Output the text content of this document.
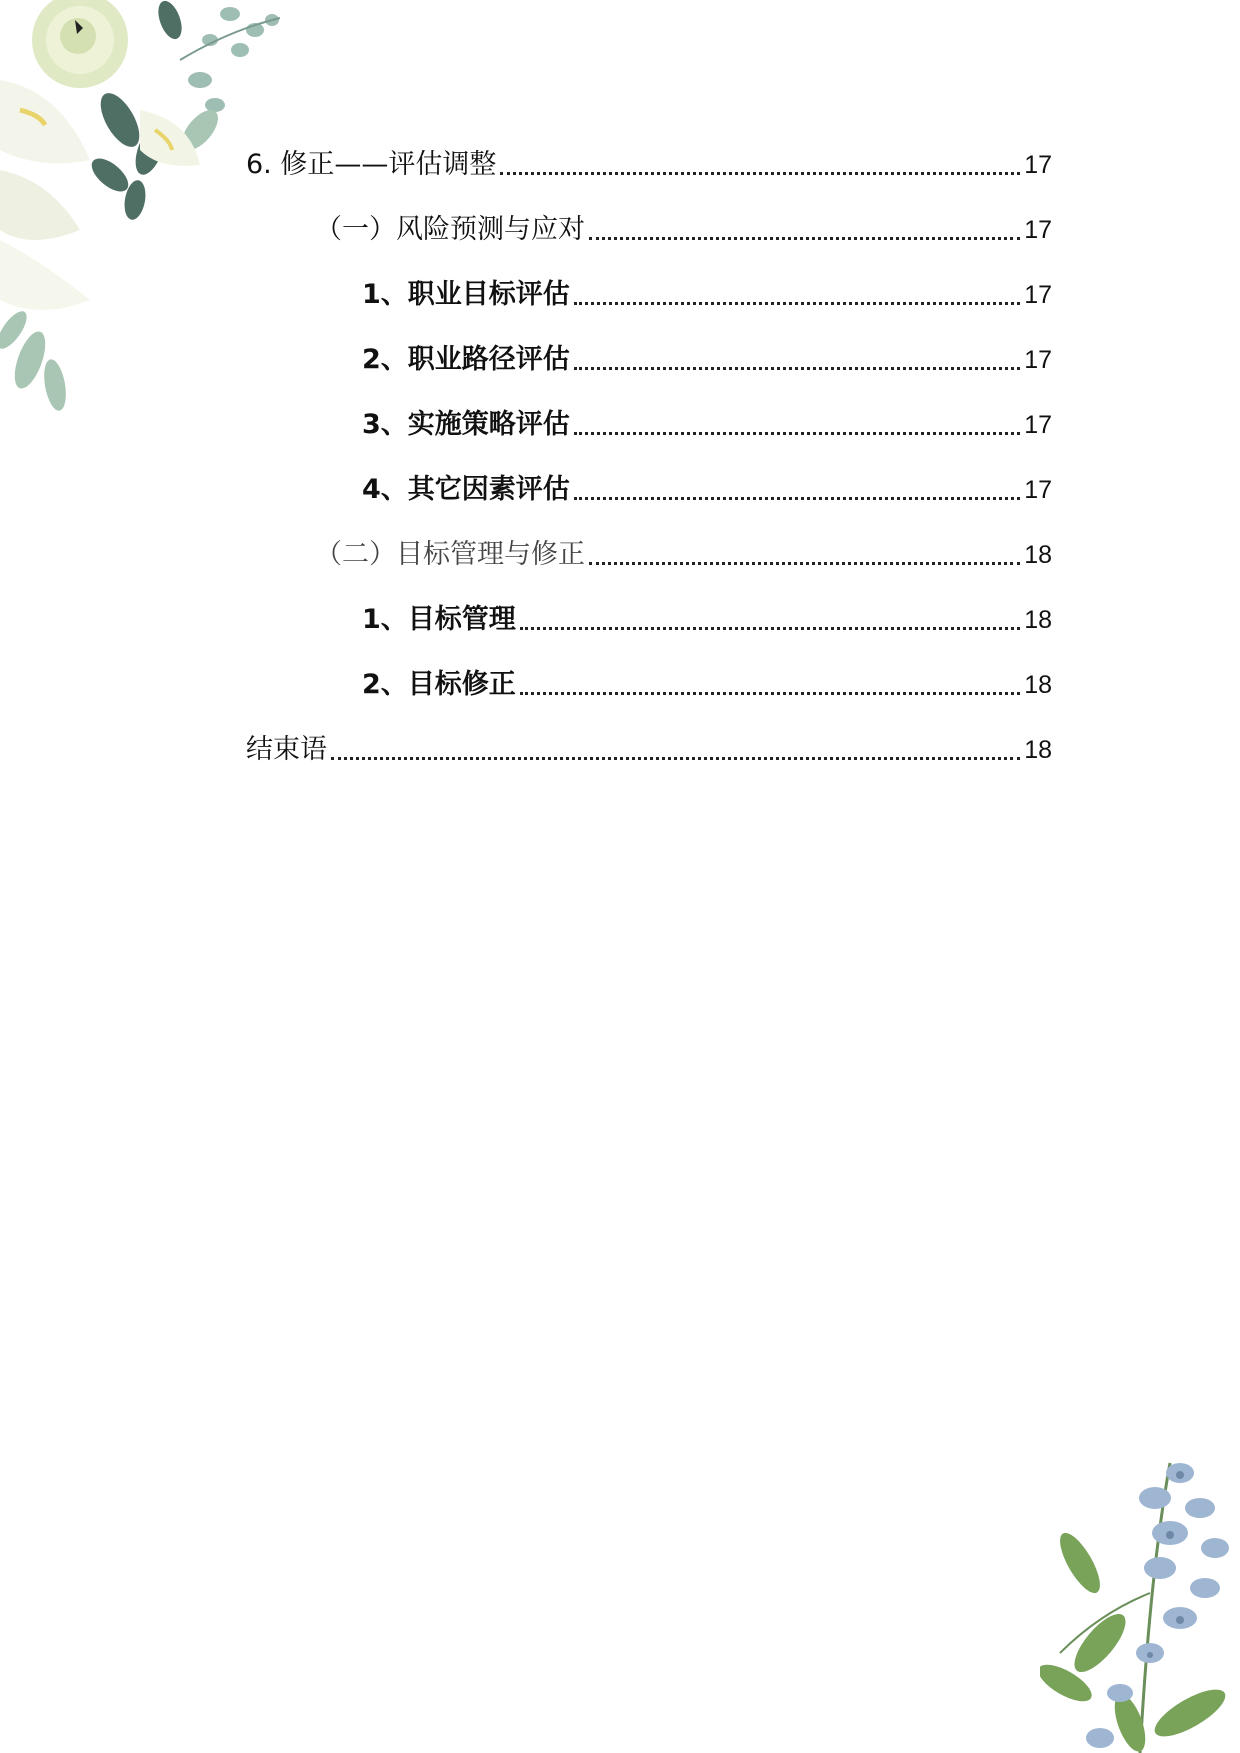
6. 修正——评估调整	17
（一）风险预测与应对	17
1、职业目标评估	17
2、职业路径评估	17
3、实施策略评估	17
4、其它因素评估	17
（二）目标管理与修正	18
1、目标管理	18
2、目标修正	18
结束语	18
